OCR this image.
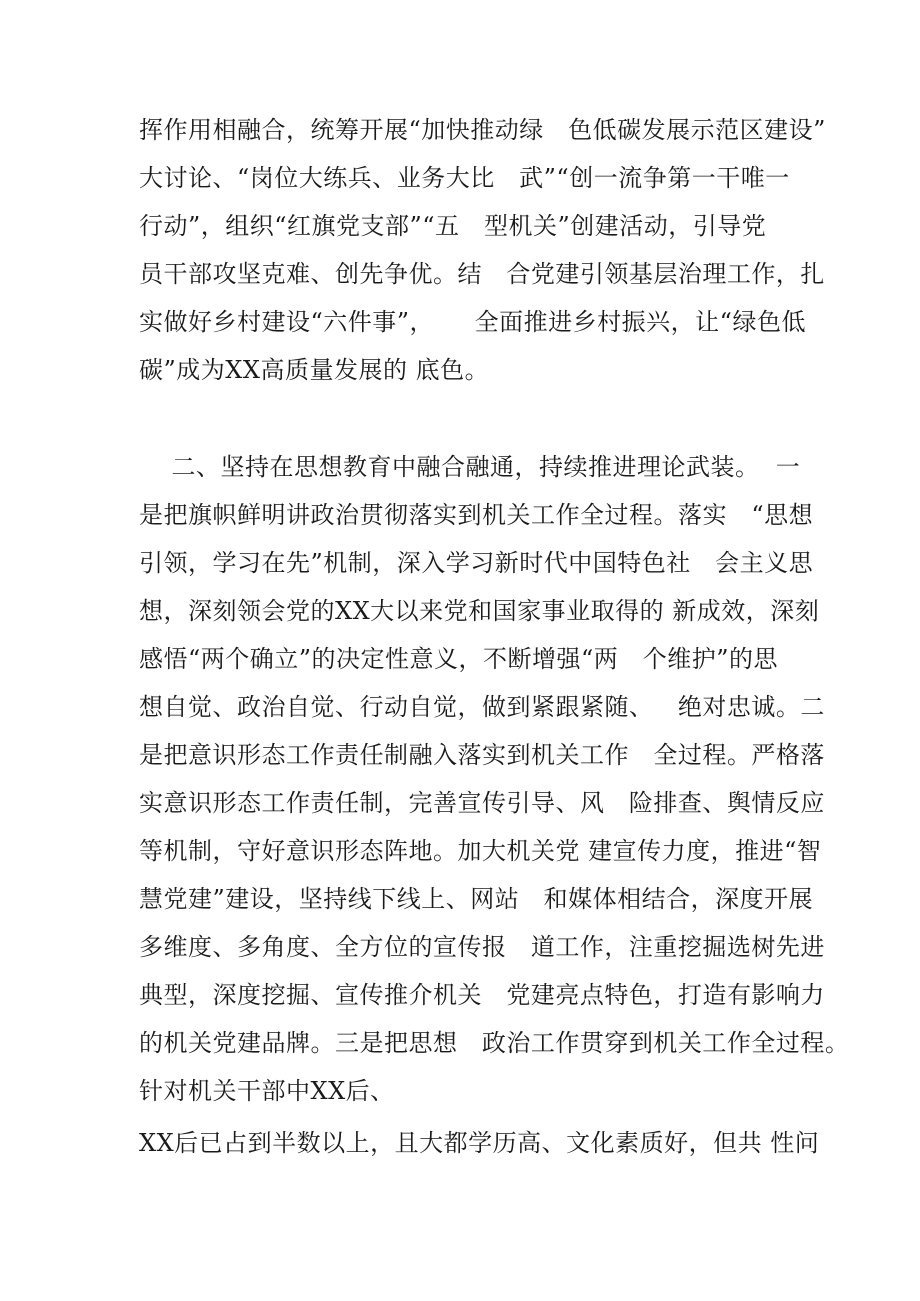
挥作用相融合，统筹开展“加快推动绿   色低碳发展示范区建设”
大讨论、“岗位大练兵、业务大比   武”“创一流争第一干唯一
行动”，组织“红旗党支部”“五   型机关”创建活动，引导党
员干部攻坚克难、创先争优。结   合党建引领基层治理工作，扎
实做好乡村建设“六件事”，     全面推进乡村振兴，让“绿色低
碳”成为XX高质量发展的 底色。
二、坚持在思想教育中融合融通，持续推进理论武装。  一
是把旗帜鲜明讲政治贯彻落实到机关工作全过程。落实   “思想
引领，学习在先”机制，深入学习新时代中国特色社   会主义思
想，深刻领会党的XX大以来党和国家事业取得的 新成效，深刻
感悟“两个确立”的决定性意义，不断增强“两   个维护”的思
想自觉、政治自觉、行动自觉，做到紧跟紧随、   绝对忠诚。二
是把意识形态工作责任制融入落实到机关工作   全过程。严格落
实意识形态工作责任制，完善宣传引导、风   险排查、舆情反应
等机制，守好意识形态阵地。加大机关党 建宣传力度，推进“智
慧党建”建设，坚持线下线上、网站   和媒体相结合，深度开展
多维度、多角度、全方位的宣传报   道工作，注重挖掘选树先进
典型，深度挖掘、宣传推介机关   党建亮点特色，打造有影响力
的机关党建品牌。三是把思想   政治工作贯穿到机关工作全过程。
针对机关干部中XX后、
XX后已占到半数以上，且大都学历高、文化素质好，但共 性问
